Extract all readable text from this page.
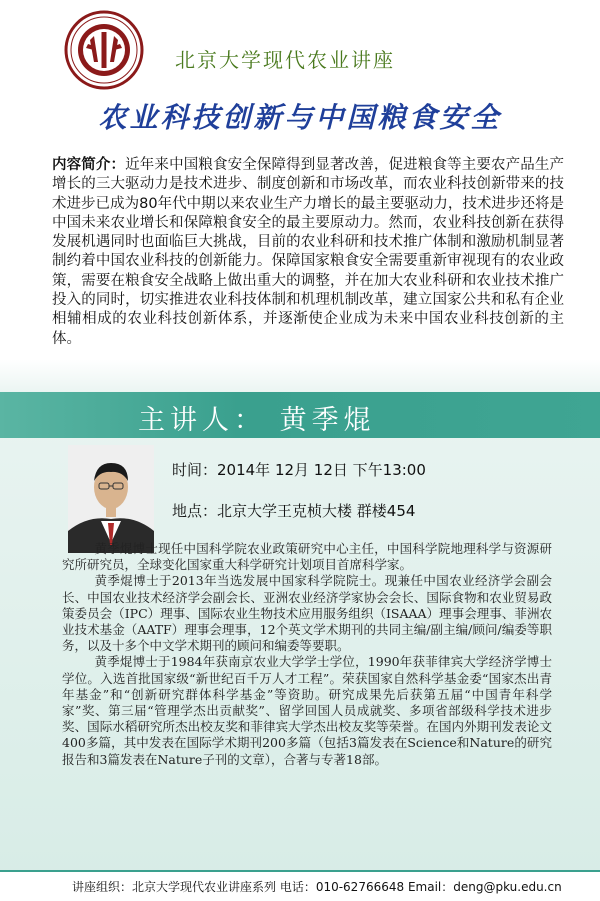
北京大学现代农业讲座
农业科技创新与中国粮食安全
内容简介：近年来中国粮食安全保障得到显著改善，促进粮食等主要农产品生产增长的三大驱动力是技术进步、制度创新和市场改革，而农业科技创新带来的技术进步已成为80年代中期以来农业生产力增长的最主要驱动力，技术进步还将是中国未来农业增长和保障粮食安全的最主要原动力。然而，农业科技创新在获得发展机遇同时也面临巨大挑战，目前的农业科研和技术推广体制和激励机制显著制约着中国农业科技的创新能力。保障国家粮食安全需要重新审视现有的农业政策，需要在粮食安全战略上做出重大的调整，并在加大农业科研和农业技术推广投入的同时，切实推进农业科技体制和机理机制改革，建立国家公共和私有企业相辅相成的农业科技创新体系，并逐渐使企业成为未来中国农业科技创新的主体。
主讲人： 黄季焜
时间：2014年 12月 12日 下午13:00
地点：北京大学王克桢大楼 群楼454

黄季焜博士现任中国科学院农业政策研究中心主任，中国科学院地理科学与资源研究所研究员，全球变化国家重大科学研究计划项目首席科学家。

黄季焜博士于2013年当选发展中国家科学院院士。现兼任中国农业经济学会副会长、中国农业技术经济学会副会长、亚洲农业经济学家协会会长、国际食物和农业贸易政策委员会（IPC）理事、国际农业生物技术应用服务组织（ISAAA）理事会理事、菲洲农业技术基金（AATF）理事会理事，12个英文学术期刊的共同主编/副主编/顾问/编委等职务，以及十多个中文学术期刊的顾问和编委等要职。

黄季焜博士于1984年获南京农业大学学士学位，1990年获菲律宾大学经济学博士学位。入选首批国家级“新世纪百千万人才工程”。荣获国家自然科学基金委“国家杰出青年基金”和“创新研究群体科学基金”等资助。研究成果先后获第五届“中国青年科学家”奖、第三届“管理学杰出贡献奖”、留学回国人员成就奖、多项省部级科学技术进步奖、国际水稻研究所杰出校友奖和菲律宾大学杰出校友奖等荣誉。在国内外期刊发表论文400多篇，其中发表在国际学术期刊200多篇（包括3篇发表在Science和Nature的研究报告和3篇发表在Nature子刊的文章），合著与专著18部。

讲座组织：北京大学现代农业讲座系列 电话：010-62766648 Email：deng@pku.edu.cn
